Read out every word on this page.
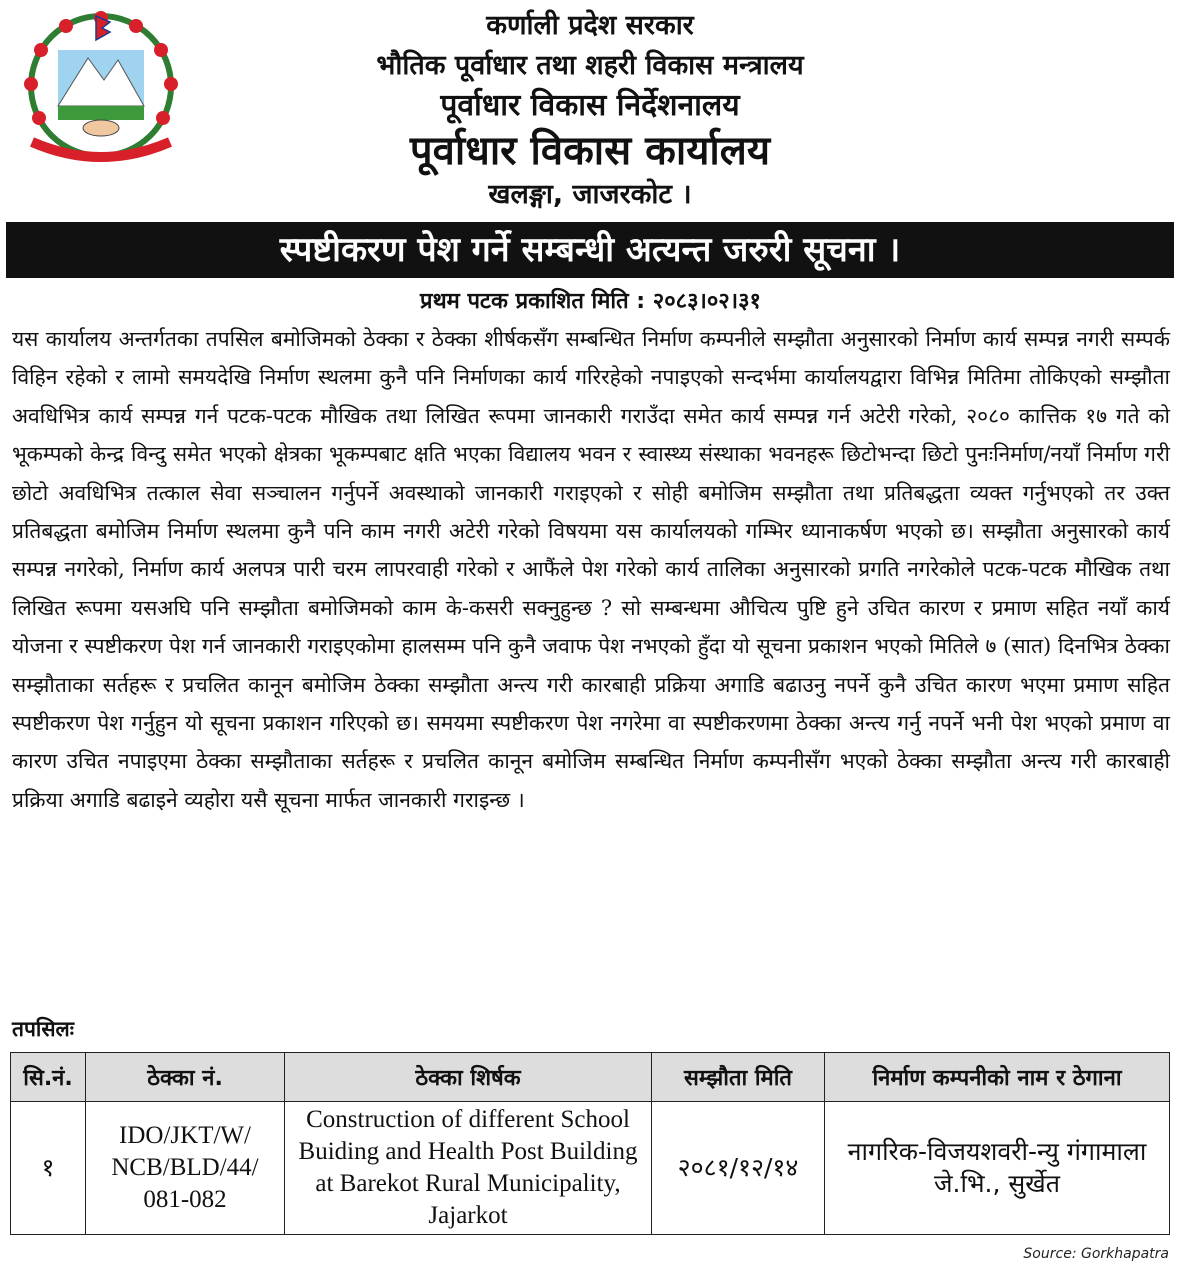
कर्णाली प्रदेश सरकार
भौतिक पूर्वाधार तथा शहरी विकास मन्त्रालय
पूर्वाधार विकास निर्देशनालय
पूर्वाधार विकास कार्यालय
खलङ्गा, जाजरकोट ।
स्पष्टीकरण पेश गर्ने सम्बन्धी अत्यन्त जरुरी सूचना ।
प्रथम पटक प्रकाशित मिति : २०८३।०२।३१
यस कार्यालय अन्तर्गतका तपसिल बमोजिमको ठेक्का र ठेक्का शीर्षकसँग सम्बन्धित निर्माण कम्पनीले सम्झौता अनुसारको निर्माण कार्य सम्पन्न नगरी सम्पर्क विहिन रहेको र लामो समयदेखि निर्माण स्थलमा कुनै पनि निर्माणका कार्य गरिरहेको नपाइएको सन्दर्भमा कार्यालयद्वारा विभिन्न मितिमा तोकिएको सम्झौता अवधिभित्र कार्य सम्पन्न गर्न पटक-पटक मौखिक तथा लिखित रूपमा जानकारी गराउँदा समेत कार्य सम्पन्न गर्न अटेरी गरेको, २०८० कात्तिक १७ गते को भूकम्पको केन्द्र विन्दु समेत भएको क्षेत्रका भूकम्पबाट क्षति भएका विद्यालय भवन र स्वास्थ्य संस्थाका भवनहरू छिटोभन्दा छिटो पुनःनिर्माण/नयाँ निर्माण गरी छोटो अवधिभित्र तत्काल सेवा सञ्चालन गर्नुपर्ने अवस्थाको जानकारी गराइएको र सोही बमोजिम सम्झौता तथा प्रतिबद्धता व्यक्त गर्नुभएको तर उक्त प्रतिबद्धता बमोजिम निर्माण स्थलमा कुनै पनि काम नगरी अटेरी गरेको विषयमा यस कार्यालयको गम्भिर ध्यानाकर्षण भएको छ। सम्झौता अनुसारको कार्य सम्पन्न नगरेको, निर्माण कार्य अलपत्र पारी चरम लापरवाही गरेको र आफैंले पेश गरेको कार्य तालिका अनुसारको प्रगति नगरेकोले पटक-पटक मौखिक तथा लिखित रूपमा यसअघि पनि सम्झौता बमोजिमको काम के-कसरी सक्नुहुन्छ ? सो सम्बन्धमा औचित्य पुष्टि हुने उचित कारण र प्रमाण सहित नयाँ कार्य योजना र स्पष्टीकरण पेश गर्न जानकारी गराइएकोमा हालसम्म पनि कुनै जवाफ पेश नभएको हुँदा यो सूचना प्रकाशन भएको मितिले ७ (सात) दिनभित्र ठेक्का सम्झौताका सर्तहरू र प्रचलित कानून बमोजिम ठेक्का सम्झौता अन्त्य गरी कारबाही प्रक्रिया अगाडि बढाउनु नपर्ने कुनै उचित कारण भएमा प्रमाण सहित स्पष्टीकरण पेश गर्नुहुन यो सूचना प्रकाशन गरिएको छ। समयमा स्पष्टीकरण पेश नगरेमा वा स्पष्टीकरणमा ठेक्का अन्त्य गर्नु नपर्ने भनी पेश भएको प्रमाण वा कारण उचित नपाइएमा ठेक्का सम्झौताका सर्तहरू र प्रचलित कानून बमोजिम सम्बन्धित निर्माण कम्पनीसँग भएको ठेक्का सम्झौता अन्त्य गरी कारबाही प्रक्रिया अगाडि बढाइने व्यहोरा यसै सूचना मार्फत जानकारी गराइन्छ ।
तपसिलः
सि.नं.	ठेक्का नं.	ठेक्का शिर्षक	सम्झौता मिति	निर्माण कम्पनीको नाम र ठेगाना
१	IDO/JKT/W/ NCB/BLD/44/ 081-082	Construction of different School Buiding and Health Post Building at Barekot Rural Municipality, Jajarkot	२०८१/१२/१४	नागरिक-विजयशवरी-न्यु गंगामाला जे.भि., सुर्खेत
Source: Gorkhapatra
